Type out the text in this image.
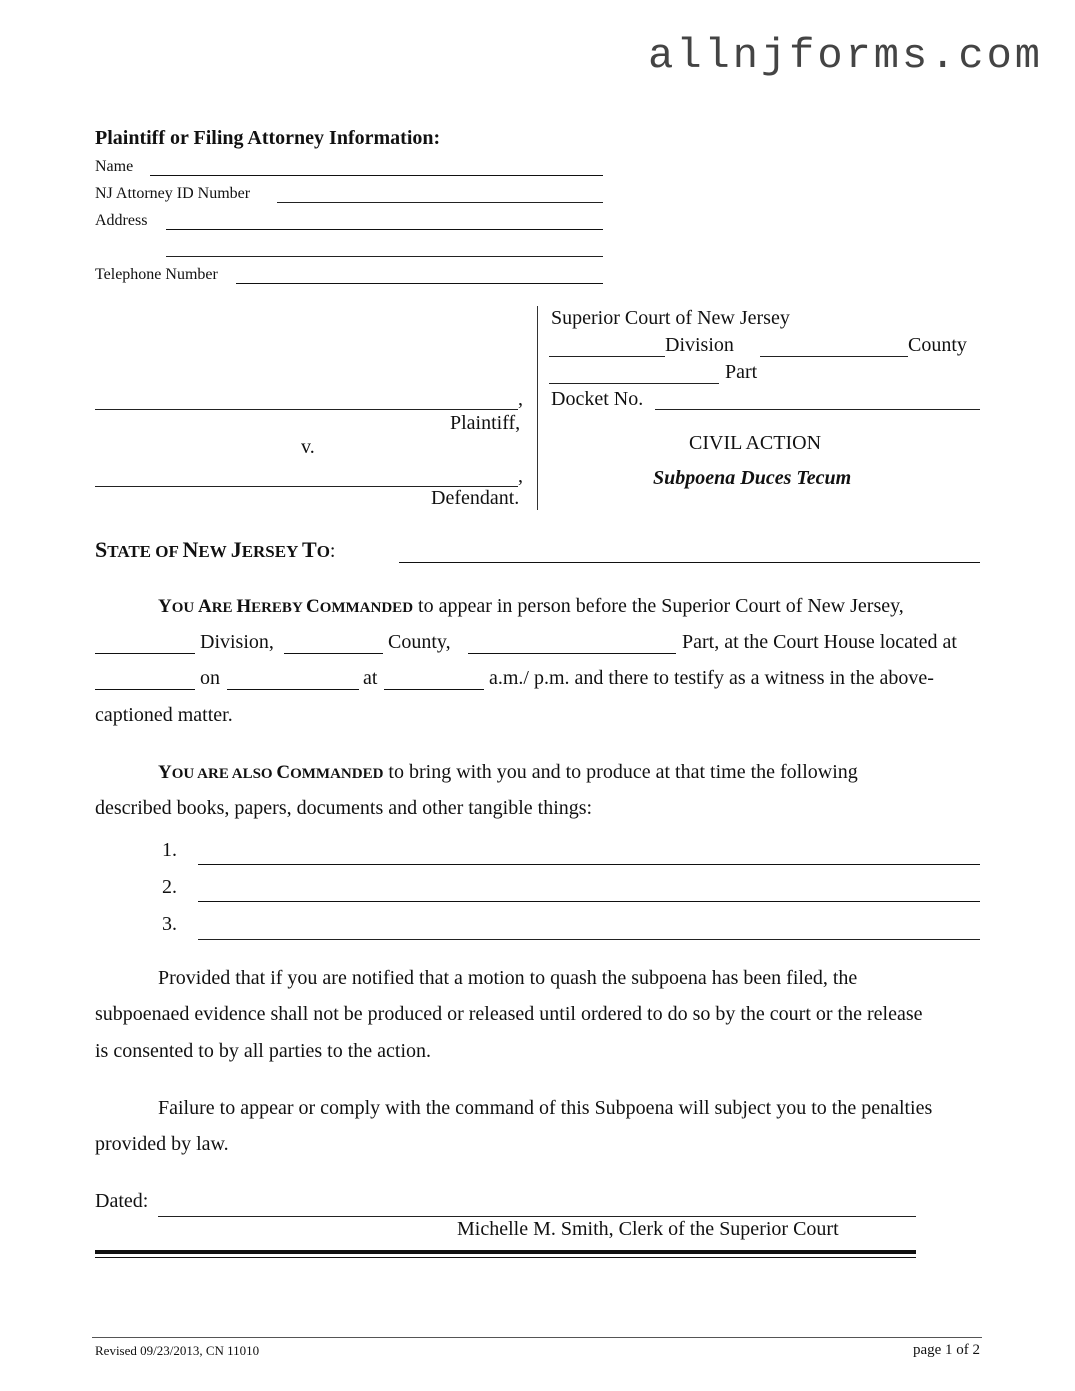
allnjforms.com
Plaintiff or Filing Attorney Information:
Name
NJ Attorney ID Number
Address
Telephone Number
,
Plaintiff,
v.
,
Defendant.
Superior Court of New Jersey
Division	County
Part
Docket No.
CIVIL ACTION
Subpoena Duces Tecum
STATE OF NEW JERSEY TO:
YOU ARE HEREBY COMMANDED to appear in person before the Superior Court of New Jersey,
Division,	County,	Part, at the Court House located at
on	at	a.m./ p.m. and there to testify as a witness in the above-
captioned matter.
YOU ARE ALSO COMMANDED to bring with you and to produce at that time the following
described books, papers, documents and other tangible things:
1.
2.
3.
Provided that if you are notified that a motion to quash the subpoena has been filed, the
subpoenaed evidence shall not be produced or released until ordered to do so by the court or the release
is consented to by all parties to the action.
Failure to appear or comply with the command of this Subpoena will subject you to the penalties
provided by law.
Dated:
Michelle M. Smith, Clerk of the Superior Court
Revised 09/23/2013, CN 11010	page 1 of 2
